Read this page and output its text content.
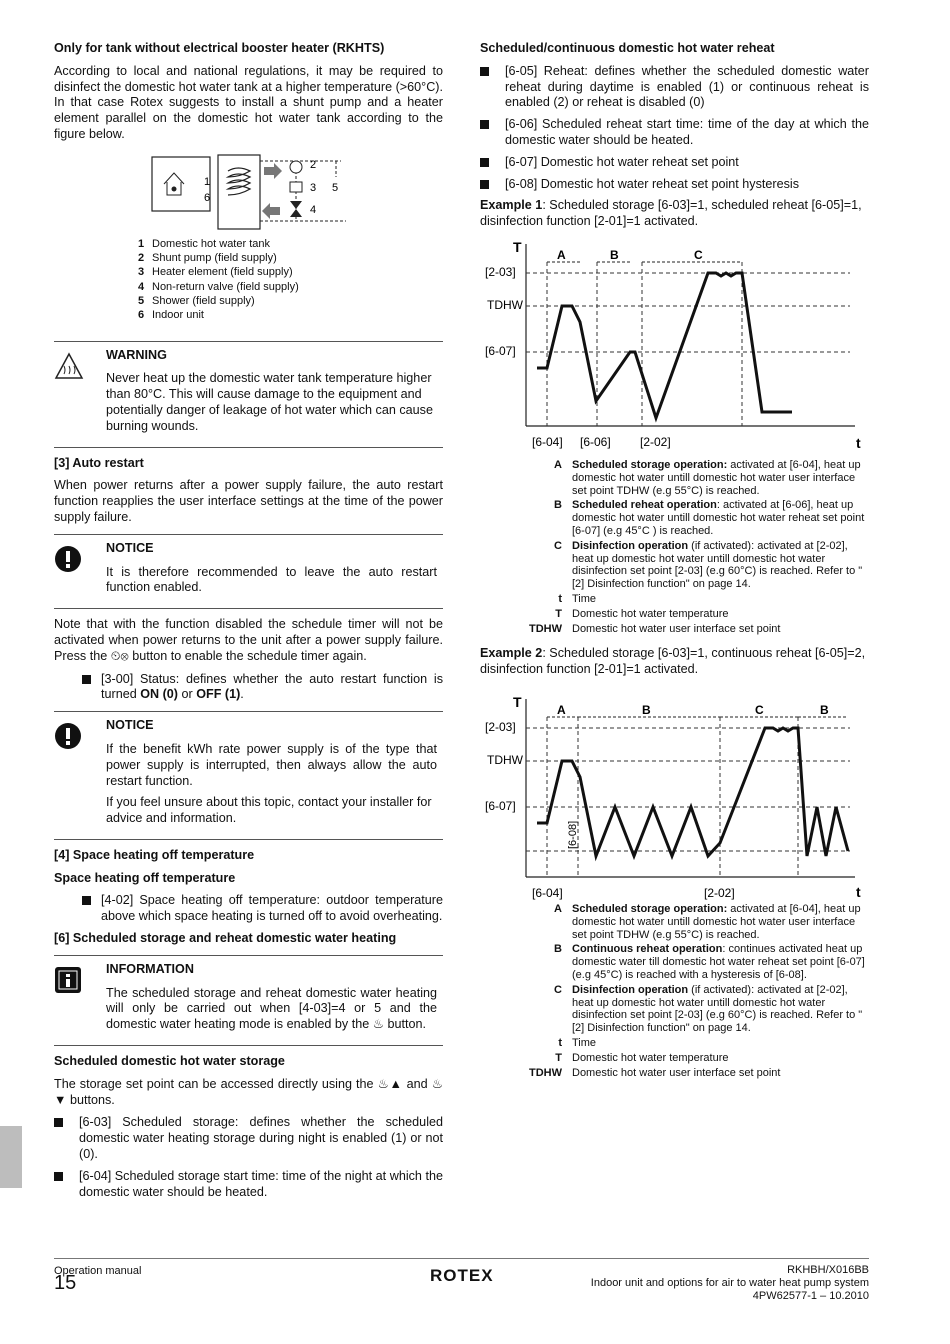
Only for tank without electrical booster heater (RKHTS)

According to local and national regulations, it may be required to disinfect the domestic hot water tank at a higher temperature (>60°C). In that case Rotex suggests to install a shunt pump and a heater element parallel on the domestic hot water tank according to the figure below.

2
3
4
5
1
6
1 Domestic hot water tank
2 Shunt pump (field supply)
3 Heater element (field supply)
4 Non-return valve (field supply)
5 Shower (field supply)
6 Indoor unit
WARNING

Never heat up the domestic water tank temperature higher than 80°C. This will cause damage to the equipment and potentially danger of leakage of hot water which can cause burning wounds.

[3] Auto restart

When power returns after a power supply failure, the auto restart function reapplies the user interface settings at the time of the power supply failure.

NOTICE

It is therefore recommended to leave the auto restart function enabled.

Note that with the function disabled the schedule timer will not be activated when power returns to the unit after a power supply failure. Press the ⏲⊗ button to enable the schedule timer again.

[3-00] Status: defines whether the auto restart function is turned ON (0) or OFF (1).
NOTICE

If the benefit kWh rate power supply is of the type that power supply is interrupted, then always allow the auto restart function.

If you feel unsure about this topic, contact your installer for advice and information.

[4] Space heating off temperature
Space heating off temperature
[4-02] Space heating off temperature: outdoor temperature above which space heating is turned off to avoid overheating.
[6] Scheduled storage and reheat domestic water heating
INFORMATION

The scheduled storage and reheat domestic water heating will only be carried out when [4-03]=4 or 5 and the domestic water heating mode is enabled by the ♨ button.

Scheduled domestic hot water storage

The storage set point can be accessed directly using the ♨▲ and ♨▼ buttons.

[6-03] Scheduled storage: defines whether the scheduled domestic water heating storage during night is enabled (1) or not (0).
[6-04] Scheduled storage start time: time of the night at which the domestic water should be heated.
Scheduled/continuous domestic hot water reheat
[6-05] Reheat: defines whether the scheduled domestic water reheat during daytime is enabled (1) or continuous reheat is enabled (2) or reheat is disabled (0)
[6-06] Scheduled reheat start time: time of the day at which the domestic water should be heated.
[6-07] Domestic hot water reheat set point
[6-08] Domestic hot water reheat set point hysteresis

Example 1: Scheduled storage [6-03]=1, scheduled reheat [6-05]=1, disinfection function [2-01]=1 activated.

A	B	C
T
t
[2-03]
TDHW
[6-07]
[6-04] [6-06] [2-02]
A Scheduled storage operation: activated at [6-04], heat up domestic hot water untill domestic hot water user interface set point TDHW (e.g 55°C) is reached.
B Scheduled reheat operation: activated at [6-06], heat up domestic hot water untill domestic hot water reheat set point [6-07] (e.g 45°C ) is reached.
C Disinfection operation (if activated): activated at [2-02], heat up domestic hot water untill domestic hot water disinfection set point [2-03] (e.g 60°C) is reached. Refer to "[2] Disinfection function" on page 14.
t Time
T Domestic hot water temperature
TDHW Domestic hot water user interface set point

Example 2: Scheduled storage [6-03]=1, continuous reheat [6-05]=2, disinfection function [2-01]=1 activated.

A	B	C	B
T
t
[2-03]
TDHW
[6-07]
[6-04]	[2-02]
[6-08]
A Scheduled storage operation: activated at [6-04], heat up domestic hot water untill domestic hot water user interface set point TDHW (e.g 55°C) is reached.
B Continuous reheat operation: continues activated heat up domestic water till domestic hot water reheat set point [6-07] (e.g 45°C) is reached with a hysteresis of [6-08].
C Disinfection operation (if activated): activated at [2-02], heat up domestic hot water untill domestic hot water disinfection set point [2-03] (e.g 60°C) is reached. Refer to "[2] Disinfection function" on page 14.
t Time
T Domestic hot water temperature
TDHW Domestic hot water user interface set point
Operation manual
15	ROTEX	RKHBH/X016BB
Indoor unit and options for air to water heat pump system
4PW62577-1 – 10.2010
